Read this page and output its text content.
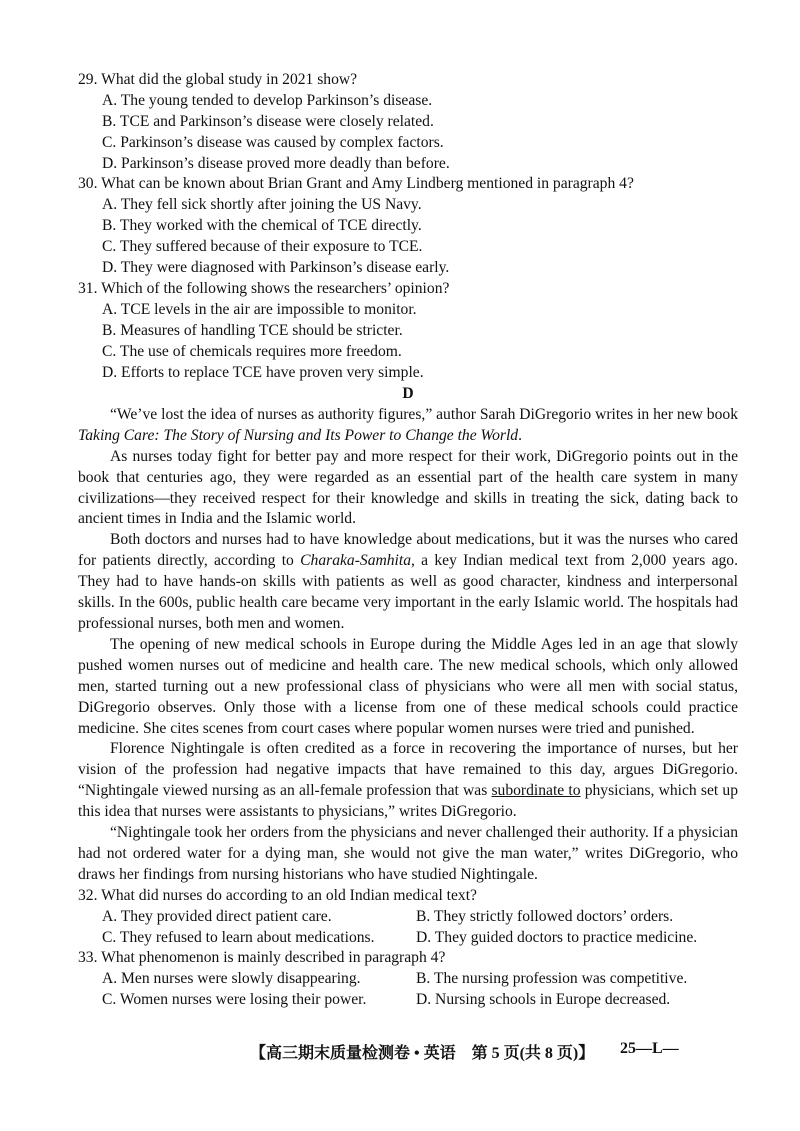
29. What did the global study in 2021 show?

A. The young tended to develop Parkinson’s disease.

B. TCE and Parkinson’s disease were closely related.

C. Parkinson’s disease was caused by complex factors.

D. Parkinson’s disease proved more deadly than before.

30. What can be known about Brian Grant and Amy Lindberg mentioned in paragraph 4?

A. They fell sick shortly after joining the US Navy.

B. They worked with the chemical of TCE directly.

C. They suffered because of their exposure to TCE.

D. They were diagnosed with Parkinson’s disease early.

31. Which of the following shows the researchers’ opinion?

A. TCE levels in the air are impossible to monitor.

B. Measures of handling TCE should be stricter.

C. The use of chemicals requires more freedom.

D. Efforts to replace TCE have proven very simple.

D

“We’ve lost the idea of nurses as authority figures,” author Sarah DiGregorio writes in her new book Taking Care: The Story of Nursing and Its Power to Change the World.

As nurses today fight for better pay and more respect for their work, DiGregorio points out in the book that centuries ago, they were regarded as an essential part of the health care system in many civilizations—they received respect for their knowledge and skills in treating the sick, dating back to ancient times in India and the Islamic world.

Both doctors and nurses had to have knowledge about medications, but it was the nurses who cared for patients directly, according to Charaka-Samhita, a key Indian medical text from 2,000 years ago. They had to have hands-on skills with patients as well as good character, kindness and interpersonal skills. In the 600s, public health care became very important in the early Islamic world. The hospitals had professional nurses, both men and women.

The opening of new medical schools in Europe during the Middle Ages led in an age that slowly pushed women nurses out of medicine and health care. The new medical schools, which only allowed men, started turning out a new professional class of physicians who were all men with social status, DiGregorio observes. Only those with a license from one of these medical schools could practice medicine. She cites scenes from court cases where popular women nurses were tried and punished.

Florence Nightingale is often credited as a force in recovering the importance of nurses, but her vision of the profession had negative impacts that have remained to this day, argues DiGregorio. “Nightingale viewed nursing as an all-female profession that was subordinate to physicians, which set up this idea that nurses were assistants to physicians,” writes DiGregorio.

“Nightingale took her orders from the physicians and never challenged their authority. If a physician had not ordered water for a dying man, she would not give the man water,” writes DiGregorio, who draws her findings from nursing historians who have studied Nightingale.

32. What did nurses do according to an old Indian medical text?

A. They provided direct patient care.	B. They strictly followed doctors’ orders.
C. They refused to learn about medications.	D. They guided doctors to practice medicine.

33. What phenomenon is mainly described in paragraph 4?

A. Men nurses were slowly disappearing.	B. The nursing profession was competitive.
C. Women nurses were losing their power.	D. Nursing schools in Europe decreased.
【高三期末质量检测卷 • 英语　第 5 页(共 8 页)】 25—L—
